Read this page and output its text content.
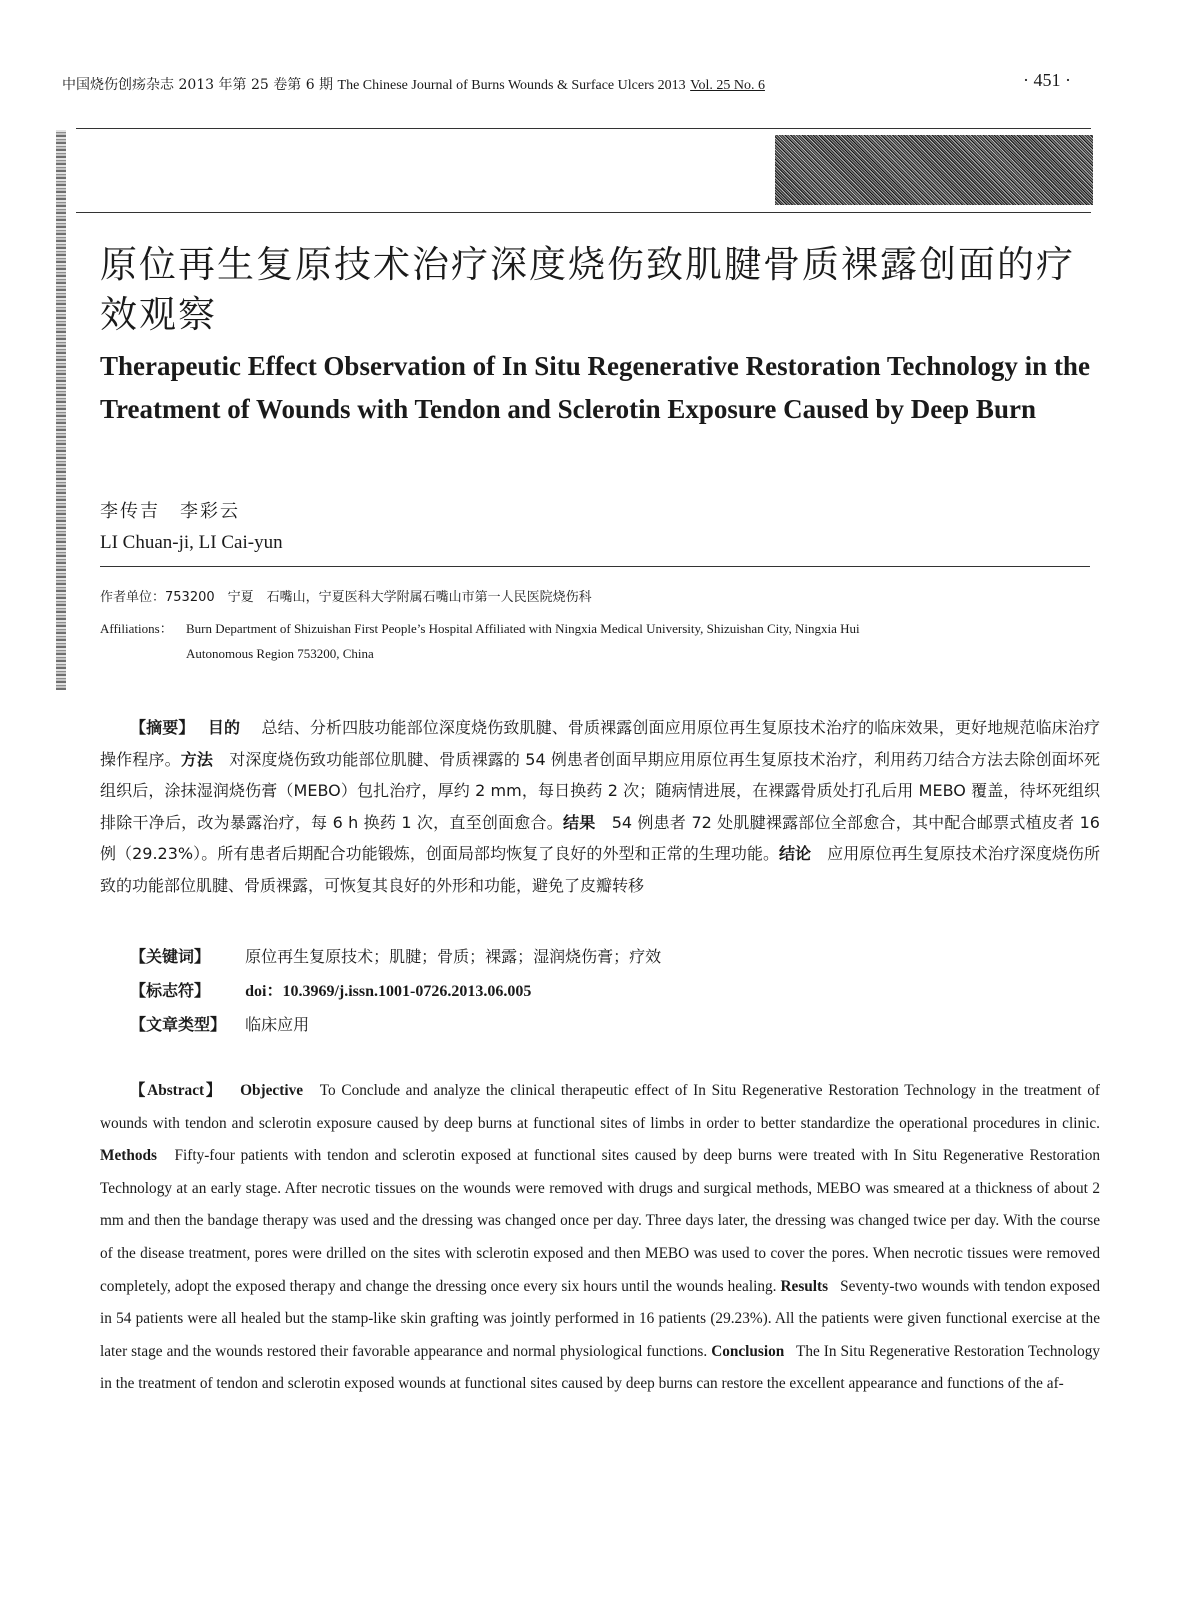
中国烧伤创疡杂志 2013 年第 25 卷第 6 期 The Chinese Journal of Burns Wounds & Surface Ulcers 2013 Vol. 25 No. 6	· 451 ·
原位再生复原技术治疗深度烧伤致肌腱骨质裸露创面的疗效观察
Therapeutic Effect Observation of In Situ Regenerative Restoration Technology in the Treatment of Wounds with Tendon and Sclerotin Exposure Caused by Deep Burn
李传吉　李彩云
LI Chuan-ji, LI Cai-yun
作者单位：753200　宁夏　石嘴山，宁夏医科大学附属石嘴山市第一人民医院烧伤科
Affiliations： Burn Department of Shizuishan First People’s Hospital Affiliated with Ningxia Medical University, Shizuishan City, Ningxia Hui
Autonomous Region 753200, China

【摘要】　 目的　 总结、分析四肢功能部位深度烧伤致肌腱、骨质裸露创面应用原位再生复原技术治疗的临床效果，更好地规范临床治疗操作程序。方法　 对深度烧伤致功能部位肌腱、骨质裸露的 54 例患者创面早期应用原位再生复原技术治疗，利用药刀结合方法去除创面坏死组织后，涂抹湿润烧伤膏（MEBO）包扎治疗，厚约 2 mm，每日换药 2 次；随病情进展，在裸露骨质处打孔后用 MEBO 覆盖，待坏死组织排除干净后，改为暴露治疗，每 6 h 换药 1 次，直至创面愈合。结果　 54 例患者 72 处肌腱裸露部位全部愈合，其中配合邮票式植皮者 16 例（29.23%）。所有患者后期配合功能锻炼，创面局部均恢复了良好的外型和正常的生理功能。结论　 应用原位再生复原技术治疗深度烧伤所致的功能部位肌腱、骨质裸露，可恢复其良好的外形和功能，避免了皮瓣转移

【关键词】 原位再生复原技术；肌腱；骨质；裸露；湿润烧伤膏；疗效
【标志符】 doi：10.3969/j.issn.1001-0726.2013.06.005
【文章类型】 临床应用
【Abstract】 Objective To Conclude and analyze the clinical therapeutic effect of In Situ Regenerative Restoration Technology in the treatment of wounds with tendon and sclerotin exposure caused by deep burns at functional sites of limbs in order to better standardize the operational procedures in clinic. Methods Fifty-four patients with tendon and sclerotin exposed at functional sites caused by deep burns were treated with In Situ Regenerative Restoration Technology at an early stage. After necrotic tissues on the wounds were removed with drugs and surgical methods, MEBO was smeared at a thickness of about 2 mm and then the bandage therapy was used and the dressing was changed once per day. Three days later, the dressing was changed twice per day. With the course of the disease treatment, pores were drilled on the sites with sclerotin exposed and then MEBO was used to cover the pores. When necrotic tissues were removed completely, adopt the exposed therapy and change the dressing once every six hours until the wounds healing. Results Seventy-two wounds with tendon exposed in 54 patients were all healed but the stamp-like skin grafting was jointly performed in 16 patients (29.23%). All the patients were given functional exercise at the later stage and the wounds restored their favorable appearance and normal physiological functions. Conclusion The In Situ Regenerative Restoration Technology in the treatment of tendon and sclerotin exposed wounds at functional sites caused by deep burns can restore the excellent appearance and functions of the af-
